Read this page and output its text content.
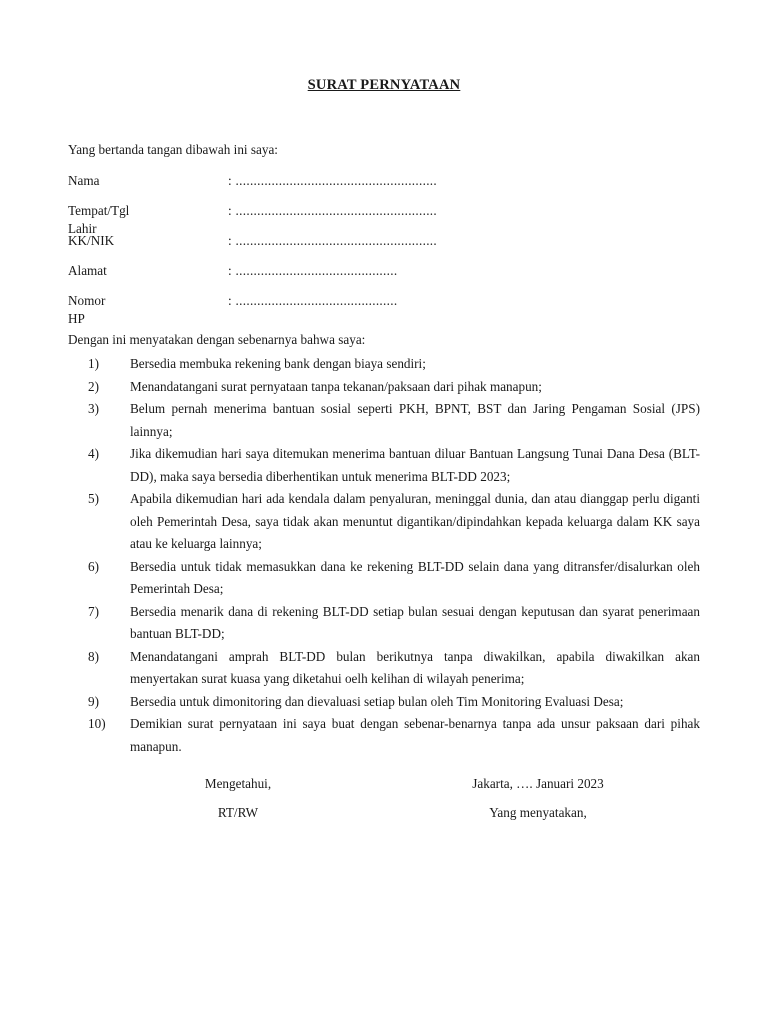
SURAT PERNYATAAN
Yang bertanda tangan dibawah ini saya:
Nama	: ........................................................
Tempat/Tgl Lahir
: ........................................................
KK/NIK	: ........................................................
Alamat	: .............................................
Nomor HP
: .............................................
Dengan ini menyatakan dengan sebenarnya bahwa saya:
1) Bersedia membuka rekening bank dengan biaya sendiri;
2) Menandatangani surat pernyataan tanpa tekanan/paksaan dari pihak manapun;
3) Belum pernah menerima bantuan sosial seperti PKH, BPNT, BST dan Jaring Pengaman Sosial (JPS) lainnya;
4) Jika dikemudian hari saya ditemukan menerima bantuan diluar Bantuan Langsung Tunai Dana Desa (BLT-DD), maka saya bersedia diberhentikan untuk menerima BLT-DD 2023;
5) Apabila dikemudian hari ada kendala dalam penyaluran, meninggal dunia, dan atau dianggap perlu diganti oleh Pemerintah Desa, saya tidak akan menuntut digantikan/dipindahkan kepada keluarga dalam KK saya atau ke keluarga lainnya;
6) Bersedia untuk tidak memasukkan dana ke rekening BLT-DD selain dana yang ditransfer/disalurkan oleh Pemerintah Desa;
7) Bersedia menarik dana di rekening BLT-DD setiap bulan sesuai dengan keputusan dan syarat penerimaan bantuan BLT-DD;
8) Menandatangani amprah BLT-DD bulan berikutnya tanpa diwakilkan, apabila diwakilkan akan menyertakan surat kuasa yang diketahui oelh kelihan di wilayah penerima;
9) Bersedia untuk dimonitoring dan dievaluasi setiap bulan oleh Tim Monitoring Evaluasi Desa;
10) Demikian surat pernyataan ini saya buat dengan sebenar-benarnya tanpa ada unsur paksaan dari pihak manapun.
Mengetahui,
RT/RW
Jakarta, …. Januari 2023
Yang menyatakan,
